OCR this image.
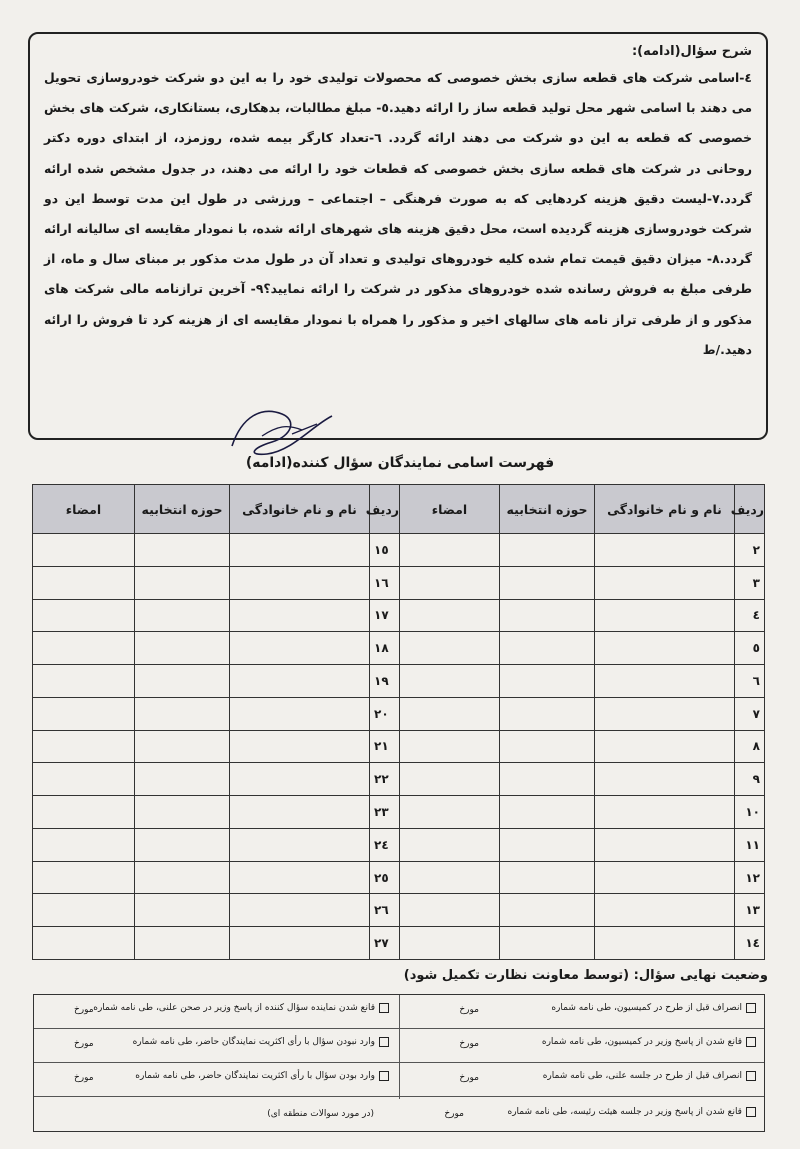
شرح سؤال(ادامه):
٤-اسامی شرکت های قطعه سازی بخش خصوصی که محصولات تولیدی خود را به این دو شرکت خودروسازی تحویل می دهند با اسامی شهر محل تولید قطعه ساز را ارائه دهید.٥- مبلغ مطالبات، بدهکاری، بستانکاری، شرکت های بخش خصوصی که قطعه به این دو شرکت می دهند ارائه گردد. ٦-تعداد کارگر بیمه شده، روزمزد، از ابتدای دوره دکتر روحانی در شرکت های قطعه سازی بخش خصوصی که قطعات خود را ارائه می دهند، در جدول مشخص شده ارائه گردد.٧-لیست دقیق هزینه کردهایی که به صورت فرهنگی – اجتماعی – ورزشی در طول این مدت توسط این دو شرکت خودروسازی هزینه گردیده است، محل دقیق هزینه های شهرهای ارائه شده، با نمودار مقایسه ای سالیانه ارائه گردد.٨- میزان دقیق قیمت تمام شده کلیه خودروهای تولیدی و تعداد آن در طول مدت مذکور بر مبنای سال و ماه، از طرفی مبلغ به فروش رسانده شده خودروهای مذکور در شرکت را ارائه نمایید؟٩- آخرین ترازنامه مالی شرکت های مذکور و از طرفی تراز نامه های سالهای اخیر و مذکور را همراه با نمودار مقایسه ای از هزینه کرد تا فروش را ارائه دهید./ط
فهرست اسامی نمایندگان سؤال کننده(ادامه)
ردیف	نام و نام خانوادگی	حوزه انتخابیه	امضاء	ردیف	نام و نام خانوادگی	حوزه انتخابیه	امضاء
٢				١٥			
٣				١٦			
٤				١٧			
٥				١٨			
٦				١٩			
٧				٢٠			
٨				٢١			
٩				٢٢			
١٠				٢٣			
١١				٢٤			
١٢				٢٥			
١٣				٢٦			
١٤				٢٧			
وضعیت نهایی سؤال: (توسط معاونت نظارت تکمیل شود)
انصراف قبل از طرح در کمیسیون، طی نامه شماره
مورخ
قانع شدن نماینده سؤال کننده از پاسخ وزیر در صحن علنی، طی نامه شماره
مورخ
قانع شدن از پاسخ وزیر در کمیسیون، طی نامه شماره
مورخ
وارد نبودن سؤال با رأی اکثریت نمایندگان حاضر، طی نامه شماره
مورخ
انصراف قبل از طرح در جلسه علنی، طی نامه شماره
مورخ
وارد بودن سؤال با رأی اکثریت نمایندگان حاضر، طی نامه شماره
مورخ
قانع شدن از پاسخ وزیر در جلسه هیئت رئیسه، طی نامه شماره
مورخ
(در مورد سوالات منطقه ای)
